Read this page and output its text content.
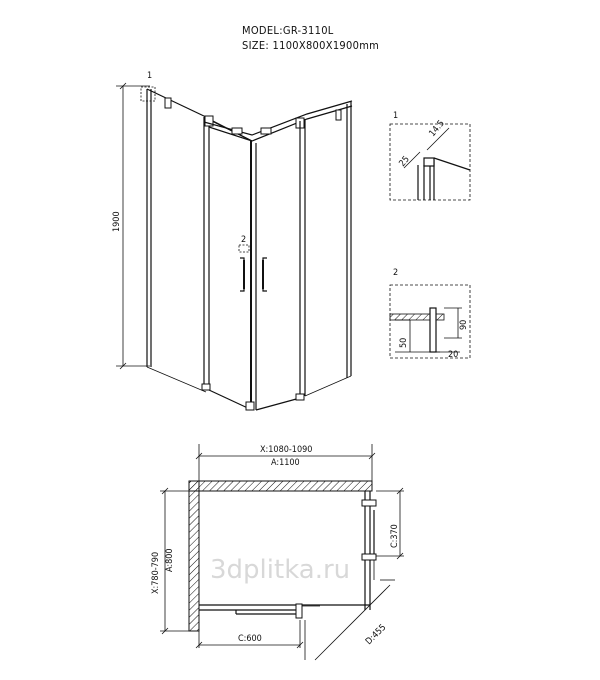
MODEL:GR-3110L
SIZE: 1100X800X1900mm
1900
1
2
1
14.5
25
2
90
50
20
X:1080-1090
A:1100
X:780-790 A:800
C:600
C:370
D:455
3dplitka.ru
